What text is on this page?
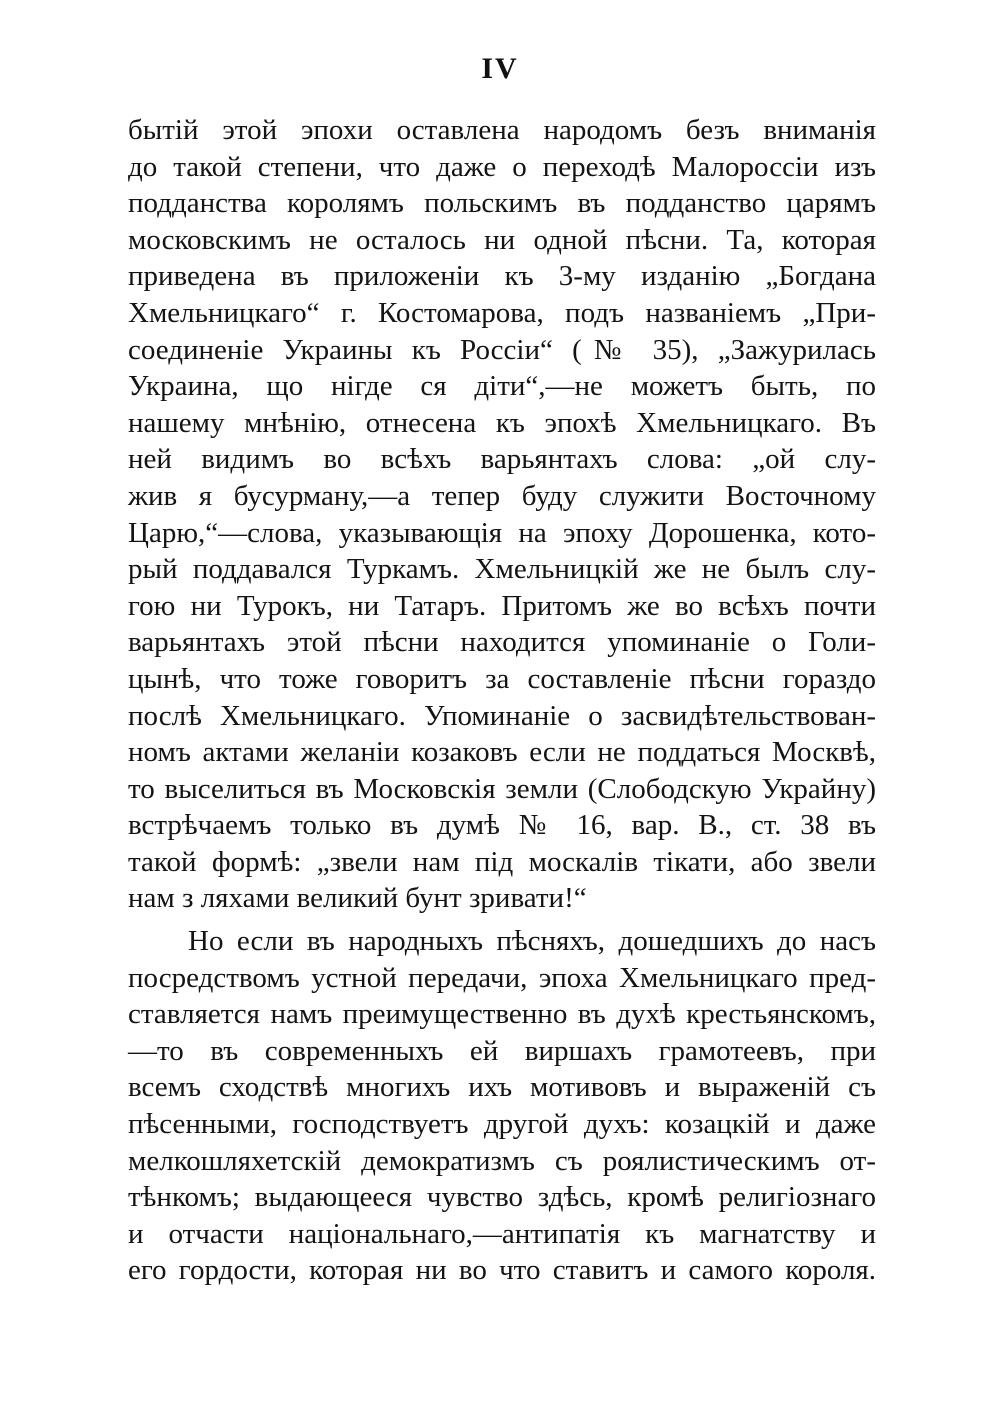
IV
бытій этой эпохи оставлена народомъ безъ вниманія
до такой степени, что даже о переходѣ Малороссіи изъ
подданства королямъ польскимъ въ подданство царямъ
московскимъ не осталось ни одной пѣсни. Та, которая
приведена въ приложеніи къ 3-му изданію „Богдана
Хмельницкаго“ г. Костомарова, подъ названіемъ „При-
соединеніе Украины къ Россіи“ (№ 35), „Зажурилась
Украина, що нігде ся діти“,—не можетъ быть, по
нашему мнѣнію, отнесена къ эпохѣ Хмельницкаго. Въ
ней видимъ во всѣхъ варьянтахъ слова: „ой слу-
жив я бусурману,—а тепер буду служити Восточному
Царю,“—слова, указывающія на эпоху Дорошенка, кото-
рый поддавался Туркамъ. Хмельницкій же не былъ слу-
гою ни Турокъ, ни Татаръ. Притомъ же во всѣхъ почти
варьянтахъ этой пѣсни находится упоминаніе о Голи-
цынѣ, что тоже говоритъ за составленіе пѣсни гораздо
послѣ Хмельницкаго. Упоминаніе о засвидѣтельствован-
номъ актами желаніи козаковъ если не поддаться Москвѣ,
то выселиться въ Московскія земли (Слободскую Украйну)
встрѣчаемъ только въ думѣ № 16, вар. В., ст. 38 въ
такой формѣ: „звели нам під москалів тікати, або звели
нам з ляхами великий бунт зривати!“
Но если въ народныхъ пѣсняхъ, дошедшихъ до насъ
посредствомъ устной передачи, эпоха Хмельницкаго пред-
ставляется намъ преимущественно въ духѣ крестьянскомъ,
—то въ современныхъ ей виршахъ грамотеевъ, при
всемъ сходствѣ многихъ ихъ мотивовъ и выраженій съ
пѣсенными, господствуетъ другой духъ: козацкій и даже
мелкошляхетскій демократизмъ съ роялистическимъ от-
тѣнкомъ; выдающееся чувство здѣсь, кромѣ религіознаго
и отчасти національнаго,—антипатія къ магнатству и
его гордости, которая ни во что ставитъ и самого короля.
